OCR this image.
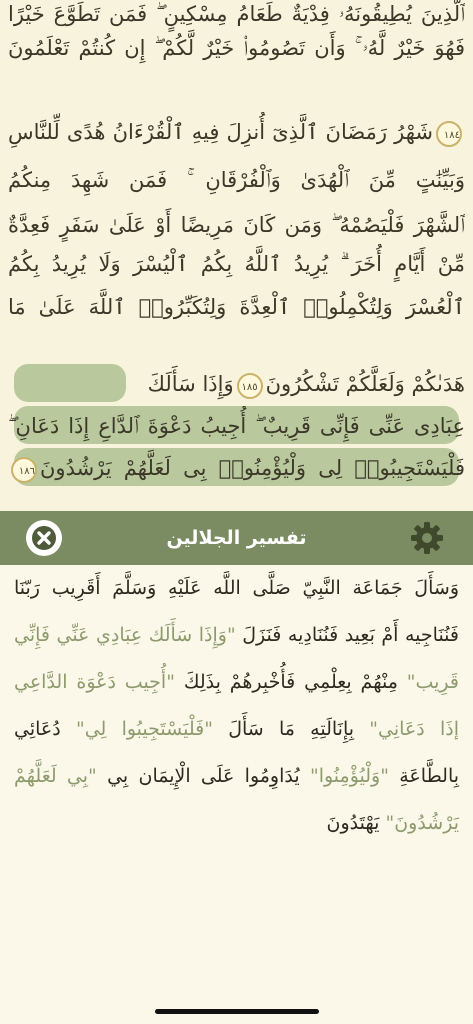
ٱلَّذِينَ يُطِيقُونَهُۥ فِدْيَةٌ طَعَامُ مِسْكِينٍ ۖ فَمَن تَطَوَّعَ خَيْرًا
فَهُوَ خَيْرٌ لَّهُۥ ۚ وَأَن تَصُومُوا۟ خَيْرٌ لَّكُمْ ۖ إِن كُنتُمْ تَعْلَمُونَ
١٨٤شَهْرُ رَمَضَانَ ٱلَّذِىٓ أُنزِلَ فِيهِ ٱلْقُرْءَانُ هُدًى لِّلنَّاسِ
وَبَيِّنَٰتٍ مِّنَ ٱلْهُدَىٰ وَٱلْفُرْقَانِ ۚ فَمَن شَهِدَ مِنكُمُ
ٱلشَّهْرَ فَلْيَصُمْهُ ۖ وَمَن كَانَ مَرِيضًا أَوْ عَلَىٰ سَفَرٍ فَعِدَّةٌ
مِّنْ أَيَّامٍ أُخَرَ ۗ يُرِيدُ ٱللَّهُ بِكُمُ ٱلْيُسْرَ وَلَا يُرِيدُ بِكُمُ
ٱلْعُسْرَ وَلِتُكْمِلُوا۟ ٱلْعِدَّةَ وَلِتُكَبِّرُوا۟ ٱللَّهَ عَلَىٰ مَا
هَدَىٰكُمْ وَلَعَلَّكُمْ تَشْكُرُونَ١٨٥وَإِذَا سَأَلَكَ
عِبَادِى عَنِّى فَإِنِّى قَرِيبٌ ۖ أُجِيبُ دَعْوَةَ ٱلدَّاعِ إِذَا دَعَانِ ۖ
فَلْيَسْتَجِيبُوا۟ لِى وَلْيُؤْمِنُوا۟ بِى لَعَلَّهُمْ يَرْشُدُونَ١٨٦
تفسير الجلالين
وَسَأَلَ جَمَاعَة النَّبِيّ صَلَّى اللَّه عَلَيْهِ وَسَلَّمَ أَقَرِيب رَبّنَا فَنُنَاجِيه أَمْ بَعِيد فَنُنَادِيه فَنَزَلَ "وَإِذَا سَأَلَك عِبَادِي عَنِّي فَإِنِّي قَرِيب" مِنْهُمْ بِعِلْمِي فَأُخْبِرهُمْ بِذَلِكَ "أُجِيب دَعْوَة الدَّاعِي إذَا دَعَانِي" بِإِنَالَتِهِ مَا سَأَلَ "فَلْيَسْتَجِيبُوا لِي" دُعَائِي بِالطَّاعَةِ "وَلْيُؤْمِنُوا" يُدَاوِمُوا عَلَى الْإِيمَان بِي "بِي لَعَلَّهُمْ يَرْشُدُونَ" يَهْتَدُونَ
